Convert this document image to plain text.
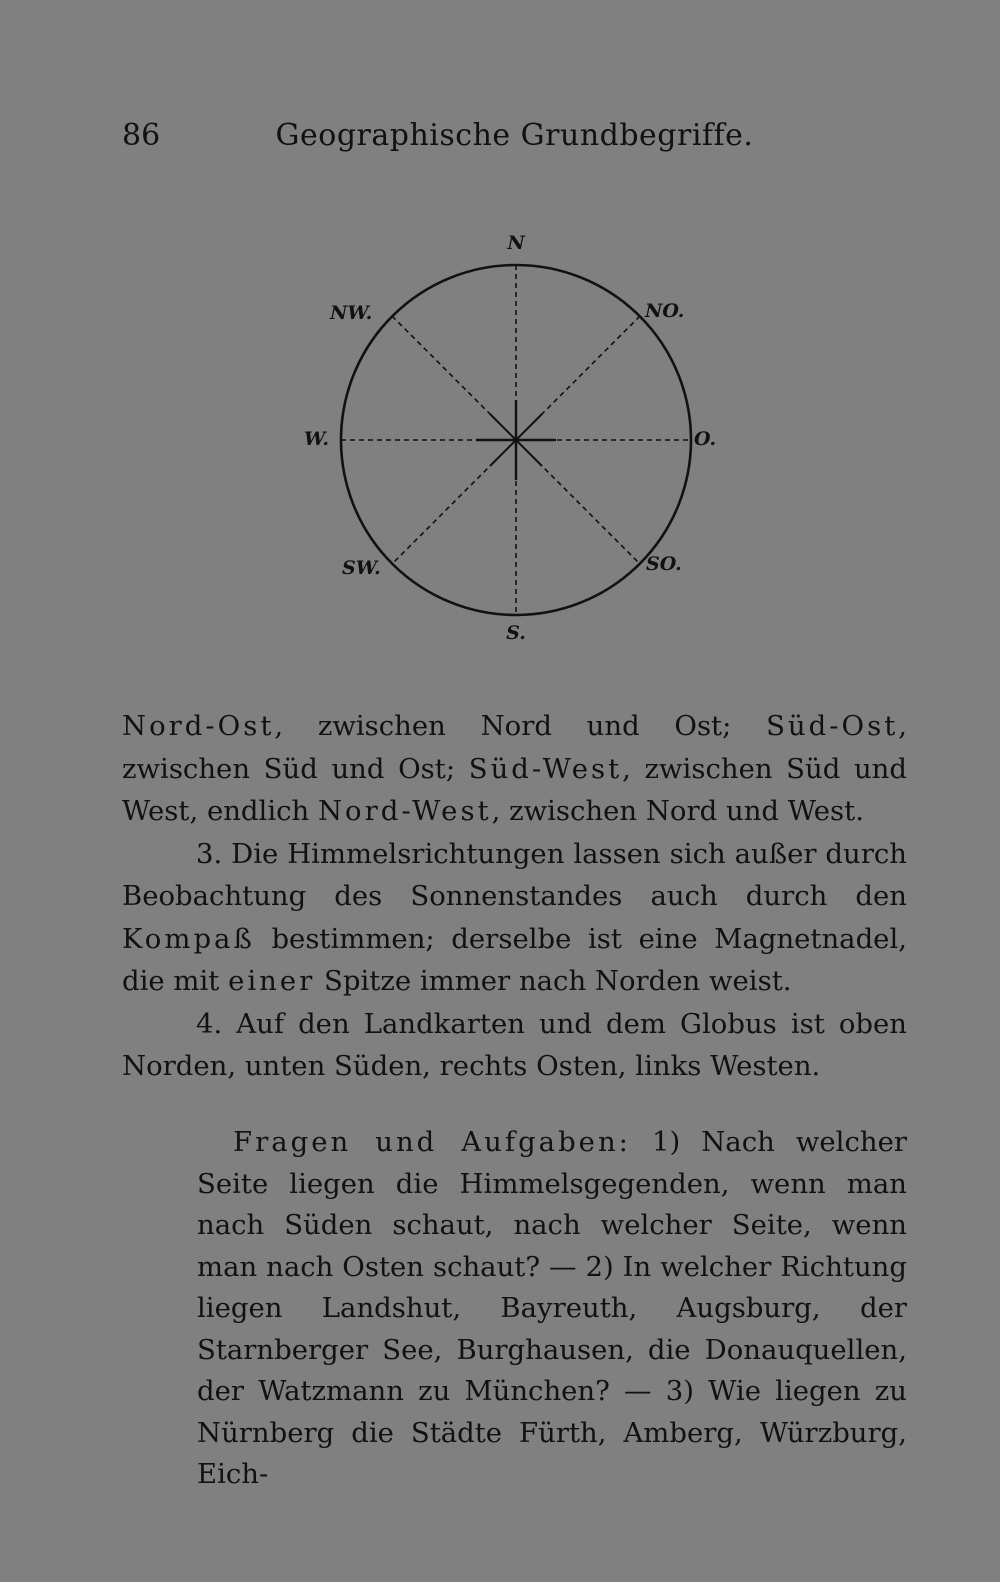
86	Geographische Grundbegriffe.
N
NO.
O.
SO.
S.
SW.
W.
NW.

Nord-Ost, zwischen Nord und Ost; Süd-Ost, zwischen Süd und Ost; Süd-West, zwischen Süd und West, endlich Nord-West, zwischen Nord und West.

3. Die Himmelsrichtungen lassen sich außer durch Beobachtung des Sonnenstandes auch durch den Kompaß bestimmen; derselbe ist eine Magnetnadel, die mit einer Spitze immer nach Norden weist.

4. Auf den Landkarten und dem Globus ist oben Norden, unten Süden, rechts Osten, links Westen.

Fragen und Aufgaben: 1) Nach welcher Seite liegen die Himmelsgegenden, wenn man nach Süden schaut, nach welcher Seite, wenn man nach Osten schaut? — 2) In welcher Richtung liegen Landshut, Bayreuth, Augsburg, der Starnberger See, Burghausen, die Donauquellen, der Watzmann zu München? — 3) Wie liegen zu Nürnberg die Städte Fürth, Amberg, Würzburg, Eich-
